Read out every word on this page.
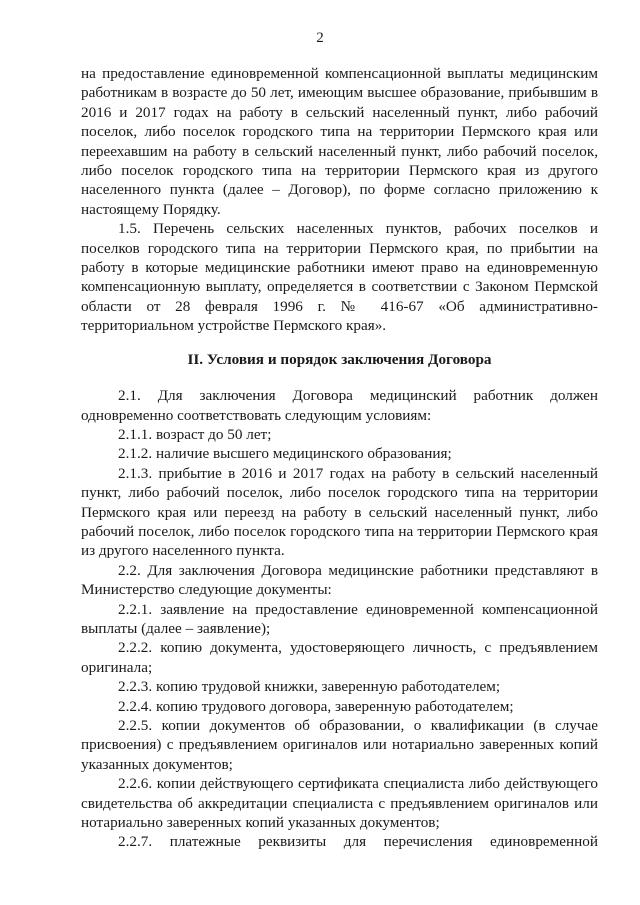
2

на предоставление единовременной компенсационной выплаты медицинским работникам в возрасте до 50 лет, имеющим высшее образование, прибывшим в 2016 и 2017 годах на работу в сельский населенный пункт, либо рабочий поселок, либо поселок городского типа на территории Пермского края или переехавшим на работу в сельский населенный пункт, либо рабочий поселок, либо поселок городского типа на территории Пермского края из другого населенного пункта (далее – Договор), по форме согласно приложению к настоящему Порядку.

1.5. Перечень сельских населенных пунктов, рабочих поселков и поселков городского типа на территории Пермского края, по прибытии на работу в которые медицинские работники имеют право на единовременную компенсационную выплату, определяется в соответствии с Законом Пермской области от 28 февраля 1996 г. № 416-67 «Об административно-территориальном устройстве Пермского края».

II. Условия и порядок заключения Договора

2.1. Для заключения Договора медицинский работник должен одновременно соответствовать следующим условиям:

2.1.1. возраст до 50 лет;

2.1.2. наличие высшего медицинского образования;

2.1.3. прибытие в 2016 и 2017 годах на работу в сельский населенный пункт, либо рабочий поселок, либо поселок городского типа на территории Пермского края или переезд на работу в сельский населенный пункт, либо рабочий поселок, либо поселок городского типа на территории Пермского края из другого населенного пункта.

2.2. Для заключения Договора медицинские работники представляют в Министерство следующие документы:

2.2.1. заявление на предоставление единовременной компенсационной выплаты (далее – заявление);

2.2.2. копию документа, удостоверяющего личность, с предъявлением оригинала;

2.2.3. копию трудовой книжки, заверенную работодателем;

2.2.4. копию трудового договора, заверенную работодателем;

2.2.5. копии документов об образовании, о квалификации (в случае присвоения) с предъявлением оригиналов или нотариально заверенных копий указанных документов;

2.2.6. копии действующего сертификата специалиста либо действующего свидетельства об аккредитации специалиста с предъявлением оригиналов или нотариально заверенных копий указанных документов;

2.2.7. платежные реквизиты для перечисления единовременной
